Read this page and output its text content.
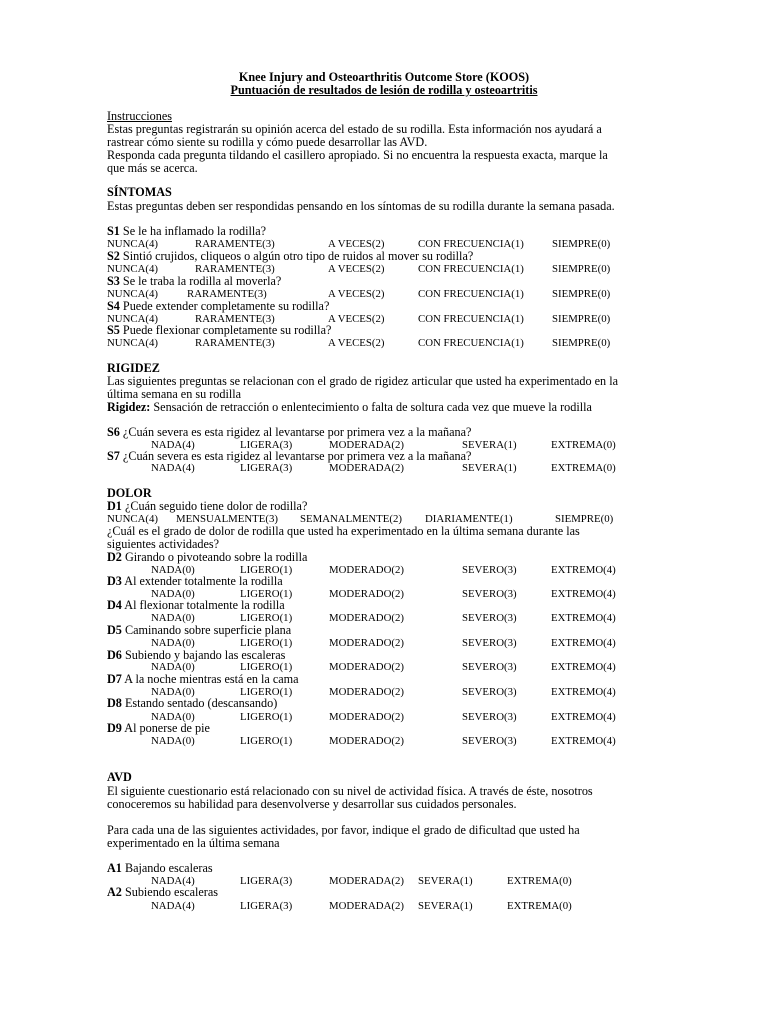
Knee Injury and Osteoarthritis Outcome Store (KOOS)
Puntuación de resultados de lesión de rodilla y osteoartritis
Instrucciones
Estas preguntas registrarán su opinión acerca del estado de su rodilla. Esta información nos ayudará a
rastrear cómo siente su rodilla y cómo puede desarrollar las AVD.
Responda cada pregunta tildando el casillero apropiado. Si no encuentra la respuesta exacta, marque la
que más se acerca.
SÍNTOMAS
Estas preguntas deben ser respondidas pensando en los síntomas de su rodilla durante la semana pasada.
S1 Se le ha inflamado la rodilla?
NUNCA(4)	RARAMENTE(3)	A VECES(2)	CON FRECUENCIA(1)	SIEMPRE(0)
S2 Sintió crujidos, cliqueos o algún otro tipo de ruidos al mover su rodilla?
NUNCA(4)	RARAMENTE(3)	A VECES(2)	CON FRECUENCIA(1)	SIEMPRE(0)
S3 Se le traba la rodilla al moverla?
NUNCA(4)	RARAMENTE(3)	A VECES(2)	CON FRECUENCIA(1)	SIEMPRE(0)
S4 Puede extender completamente su rodilla?
NUNCA(4)	RARAMENTE(3)	A VECES(2)	CON FRECUENCIA(1)	SIEMPRE(0)
S5 Puede flexionar completamente su rodilla?
NUNCA(4)	RARAMENTE(3)	A VECES(2)	CON FRECUENCIA(1)	SIEMPRE(0)
RIGIDEZ
Las siguientes preguntas se relacionan con el grado de rigidez articular que usted ha experimentado en la
última semana en su rodilla
Rigidez: Sensación de retracción o enlentecimiento o falta de soltura cada vez que mueve la rodilla
S6 ¿Cuán severa es esta rigidez al levantarse por primera vez a la mañana?
NADA(4)	LIGERA(3)	MODERADA(2)	SEVERA(1)	EXTREMA(0)
S7 ¿Cuán severa es esta rigidez al levantarse por primera vez a la mañana?
NADA(4)	LIGERA(3)	MODERADA(2)	SEVERA(1)	EXTREMA(0)
DOLOR
D1 ¿Cuán seguido tiene dolor de rodilla?
NUNCA(4) MENSUALMENTE(3) SEMANALMENTE(2) DIARIAMENTE(1)	SIEMPRE(0)
¿Cuál es el grado de dolor de rodilla que usted ha experimentado en la última semana durante las
siguientes actividades?
D2 Girando o pivoteando sobre la rodilla
NADA(0)	LIGERO(1)	MODERADO(2)	SEVERO(3)	EXTREMO(4)
D3 Al extender totalmente la rodilla
NADA(0)	LIGERO(1)	MODERADO(2)	SEVERO(3)	EXTREMO(4)
D4 Al flexionar totalmente la rodilla
NADA(0)	LIGERO(1)	MODERADO(2)	SEVERO(3)	EXTREMO(4)
D5 Caminando sobre superficie plana
NADA(0)	LIGERO(1)	MODERADO(2)	SEVERO(3)	EXTREMO(4)
D6 Subiendo y bajando las escaleras
NADA(0)	LIGERO(1)	MODERADO(2)	SEVERO(3)	EXTREMO(4)
D7 A la noche mientras está en la cama
NADA(0)	LIGERO(1)	MODERADO(2)	SEVERO(3)	EXTREMO(4)
D8 Estando sentado (descansando)
NADA(0)	LIGERO(1)	MODERADO(2)	SEVERO(3)	EXTREMO(4)
D9 Al ponerse de pie
NADA(0)	LIGERO(1)	MODERADO(2)	SEVERO(3)	EXTREMO(4)
AVD
El siguiente cuestionario está relacionado con su nivel de actividad física. A través de éste, nosotros
conoceremos su habilidad para desenvolverse y desarrollar sus cuidados personales.
Para cada una de las siguientes actividades, por favor, indique el grado de dificultad que usted ha
experimentado en la última semana
A1 Bajando escaleras
NADA(4)	LIGERA(3)	MODERADA(2) SEVERA(1)	EXTREMA(0)
A2 Subiendo escaleras
NADA(4)	LIGERA(3)	MODERADA(2) SEVERA(1)	EXTREMA(0)
